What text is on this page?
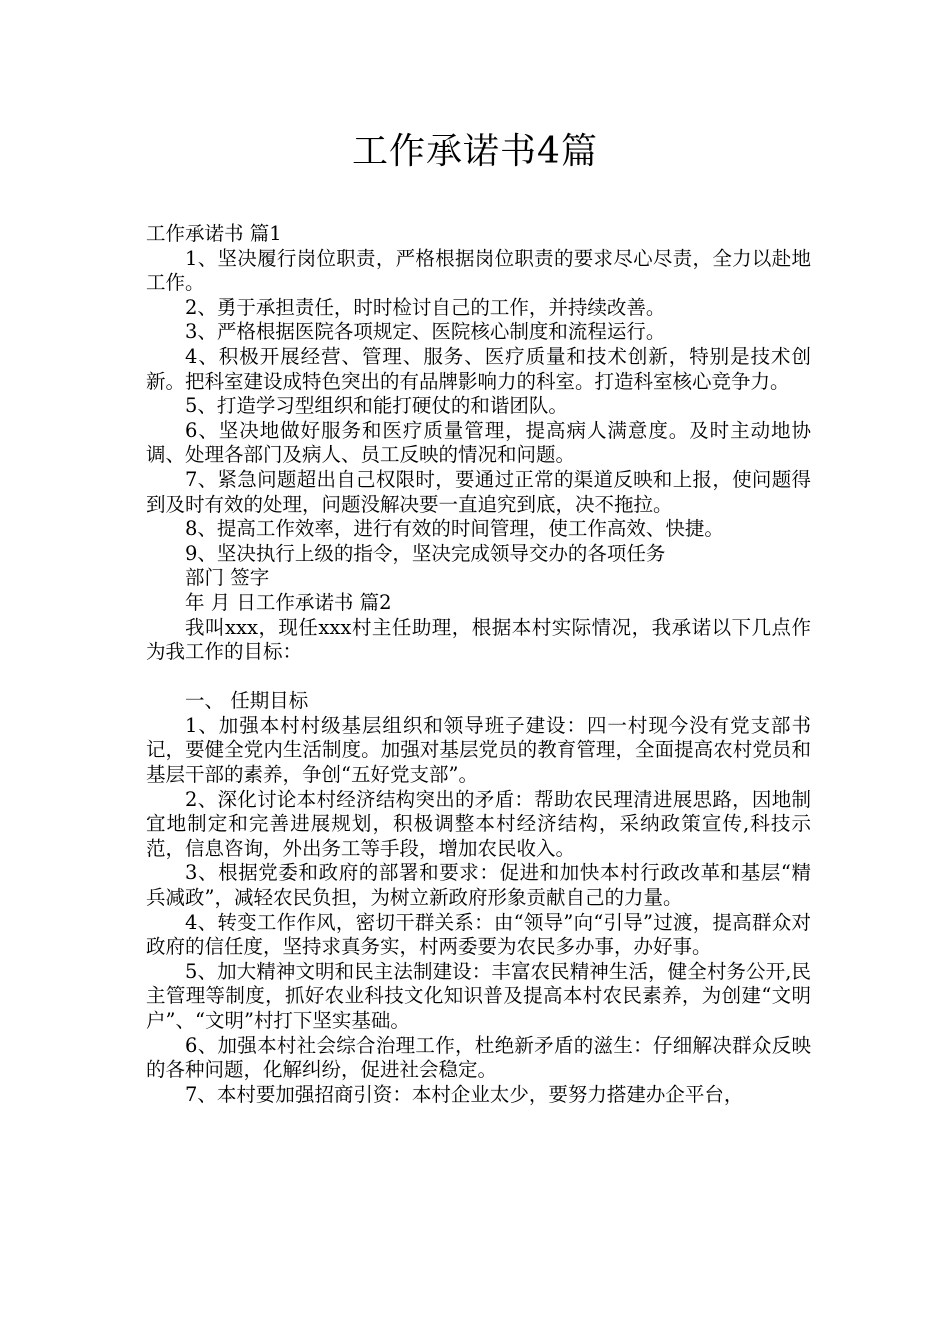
工作承诺书4篇

工作承诺书 篇1

1、坚决履行岗位职责，严格根据岗位职责的要求尽心尽责，全力以赴地工作。

2、勇于承担责任，时时检讨自己的工作，并持续改善。

3、严格根据医院各项规定、医院核心制度和流程运行。

4、积极开展经营、管理、服务、医疗质量和技术创新，特别是技术创新。把科室建设成特色突出的有品牌影响力的科室。打造科室核心竞争力。

5、打造学习型组织和能打硬仗的和谐团队。

6、坚决地做好服务和医疗质量管理，提高病人满意度。及时主动地协调、处理各部门及病人、员工反映的情况和问题。

7、紧急问题超出自己权限时，要通过正常的渠道反映和上报，使问题得到及时有效的处理，问题没解决要一直追究到底，决不拖拉。

8、提高工作效率，进行有效的时间管理，使工作高效、快捷。

9、坚决执行上级的指令，坚决完成领导交办的各项任务

部门 签字

年 月 日工作承诺书 篇2

我叫xxx，现任xxx村主任助理，根据本村实际情况，我承诺以下几点作为我工作的目标：

一、 任期目标

1、加强本村村级基层组织和领导班子建设：四一村现今没有党支部书记，要健全党内生活制度。加强对基层党员的教育管理，全面提高农村党员和基层干部的素养，争创“五好党支部”。

2、深化讨论本村经济结构突出的矛盾：帮助农民理清进展思路，因地制宜地制定和完善进展规划，积极调整本村经济结构，采纳政策宣传,科技示范，信息咨询，外出务工等手段，增加农民收入。

3、根据党委和政府的部署和要求：促进和加快本村行政改革和基层“精兵减政”，减轻农民负担，为树立新政府形象贡献自己的力量。

4、转变工作作风，密切干群关系：由“领导”向“引导”过渡，提高群众对政府的信任度，坚持求真务实，村两委要为农民多办事，办好事。

5、加大精神文明和民主法制建设：丰富农民精神生活，健全村务公开,民主管理等制度，抓好农业科技文化知识普及提高本村农民素养，为创建“文明户”、“文明”村打下坚实基础。

6、加强本村社会综合治理工作，杜绝新矛盾的滋生：仔细解决群众反映的各种问题，化解纠纷，促进社会稳定。

7、本村要加强招商引资：本村企业太少，要努力搭建办企平台，
